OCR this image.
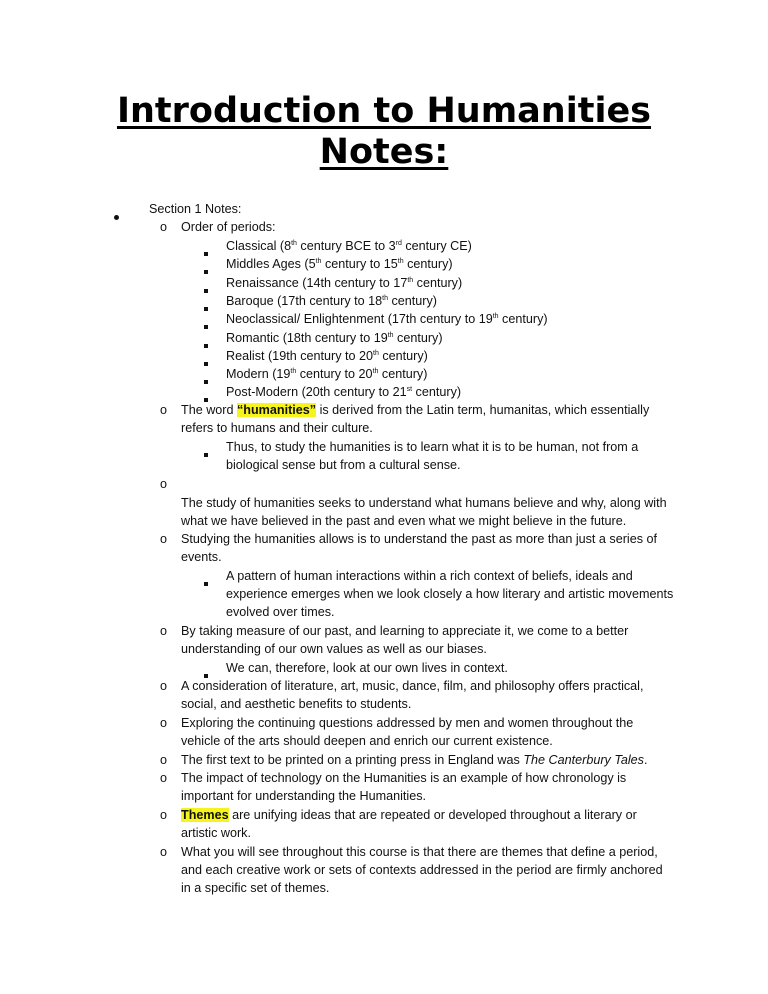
Introduction to Humanities
Notes:
Section 1 Notes:
o Order of periods:
Classical (8th century BCE to 3rd century CE)
Middles Ages (5th century to 15th century)
Renaissance (14th century to 17th century)
Baroque (17th century to 18th century)
Neoclassical/ Enlightenment (17th century to 19th century)
Romantic (18th century to 19th century)
Realist (19th century to 20th century)
Modern (19th century to 20th century)
Post-Modern (20th century to 21st century)
o The word “humanities” is derived from the Latin term, humanitas, which essentially
refers to humans and their culture.
Thus, to study the humanities is to learn what it is to be human, not from a
biological sense but from a cultural sense.
o
The study of humanities seeks to understand what humans believe and why, along with
what we have believed in the past and even what we might believe in the future.
o Studying the humanities allows is to understand the past as more than just a series of
events.
A pattern of human interactions within a rich context of beliefs, ideals and
experience emerges when we look closely a how literary and artistic movements
evolved over times.
o By taking measure of our past, and learning to appreciate it, we come to a better
understanding of our own values as well as our biases.
We can, therefore, look at our own lives in context.
o A consideration of literature, art, music, dance, film, and philosophy offers practical,
social, and aesthetic benefits to students.
o Exploring the continuing questions addressed by men and women throughout the
vehicle of the arts should deepen and enrich our current existence.
o The first text to be printed on a printing press in England was The Canterbury Tales.
o The impact of technology on the Humanities is an example of how chronology is
important for understanding the Humanities.
o Themes are unifying ideas that are repeated or developed throughout a literary or
artistic work.
o What you will see throughout this course is that there are themes that define a period,
and each creative work or sets of contexts addressed in the period are firmly anchored
in a specific set of themes.
